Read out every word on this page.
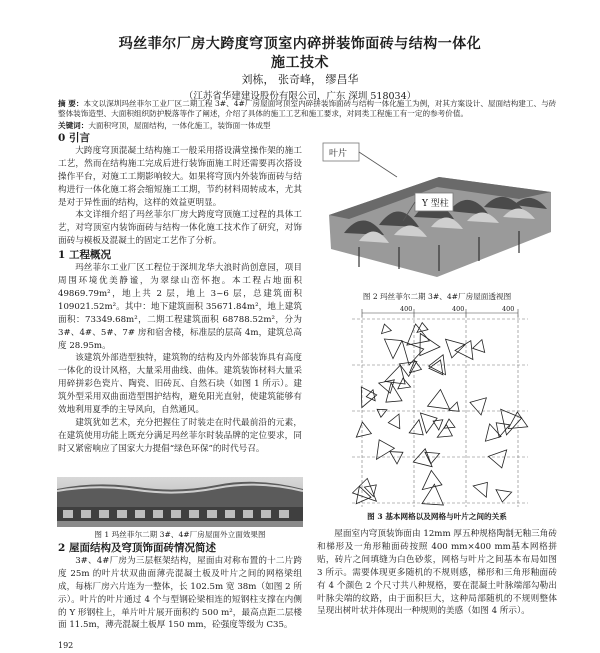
玛丝菲尔厂房大跨度穹顶室内碎拼装饰面砖与结构一体化
施工技术
刘栋， 张奇峰， 缪昌华
（江苏省华建建设股份有限公司，广东 深圳 518034）
摘 要：本文以深圳玛丝菲尔工业厂区二期工程 3#、4#厂房屋面穹顶室内碎拼装饰面砖与结构一体化施工为例，对其方案设计、屋面结构建工、与砖整体装饰造型、大面积组织防护脱落等作了阐述，介绍了具体的施工工艺和施工要求，对同类工程施工有一定的参考价值。
关键词：大面积穹顶，屋面结构，一体化施工，装饰面一体成型
0 引言

大跨度穹顶混凝土结构施工一般采用搭设满堂操作架的施工工艺，然而在结构施工完成后进行装饰面施工时还需要再次搭设操作平台，对施工工期影响较大。如果将穹顶内外装饰面砖与结构进行一体化施工将会缩短施工工期，节约材料周转成本，尤其是对于异性面的结构，这样的效益更明显。

本文详细介绍了玛丝菲尔厂房大跨度穹顶施工过程的具体工艺，对穹顶室内装饰面砖与结构一体化施工技术作了研究，对饰面砖与模板及混凝土的固定工艺作了分析。

1 工程概况

玛丝菲尔工业厂区工程位于深圳龙华大浪时尚创意园，项目周围环境优美静谧，为翠绿山峦怀抱。本工程占地面积 49869.79m²，地上共 2 层，地上 3~6 层，总建筑面积 109021.52m²。其中：地下建筑面积 35671.84m²，地上建筑面积：73349.68m²，二期工程建筑面积 68788.52m²，分为 3#、4#、5#、7# 房和宿舍楼，标准层的层高 4m，建筑总高度 28.95m。

该建筑外部造型独特，建筑物的结构及内外部装饰具有高度一体化的设计风格，大量采用曲线、曲体。建筑装饰材料大量采用碎拼彩色瓷片、陶瓷、旧砖瓦、自然石块（如图 1 所示）。建筑外型采用双曲面造型围护结构，避免阳光直射，使建筑能够有效地利用夏季的主导风向，自然通风。

建筑犹如艺术，充分把握住了时装走在时代最前沿的元素，在建筑使用功能上既充分满足玛丝菲尔时装品牌的定位要求，同时又紧密响应了国家大力提倡“绿色环保”的时代号召。

图 1 玛丝菲尔二期 3#、4#厂房屋面外立面效果图
2 屋面结构及穹顶饰面砖情况简述

3#、4#厂房为三层框架结构，屋面由对称布置的十二片跨度 25m 的叶片状双曲面薄壳混凝土板及叶片之间的网格梁组成，每栋厂房六片连为一整体，长 102.5m 宽 38m（如图 2 所示）。叶片的叶片通过 4 个与型钢砼梁相连的短钢柱支撑在内侧的 Y 形钢柱上，单片叶片展开面积约 500 m²，最高点距二层楼面 11.5m，薄壳混凝土板厚 150 mm，砼强度等级为 C35。

叶片
Y 型柱
图 2 玛丝菲尔二期 3#、4#厂房屋面透视图
400	400	400
图 3 基本网格以及网格与叶片之间的关系

屋面室内穹顶装饰面由 12mm 厚五种规格陶制无釉三角砖和梯形及一角形釉面砖按照 400 mm×400 mm基本网格拼贴，砖片之间填缝为白色砂浆，网格与叶片之间基本布局如图 3 所示。需要体现更多随机的不规则感，梯形和三角形釉面砖有 4 个颜色 2 个尺寸共八种规格，要在混凝土叶脉端部勾勒出叶脉尖端的纹路，由于面积巨大，这种局部随机的不规则整体呈现出树叶状并体现出一种规则的美感（如图 4 所示）。

192
